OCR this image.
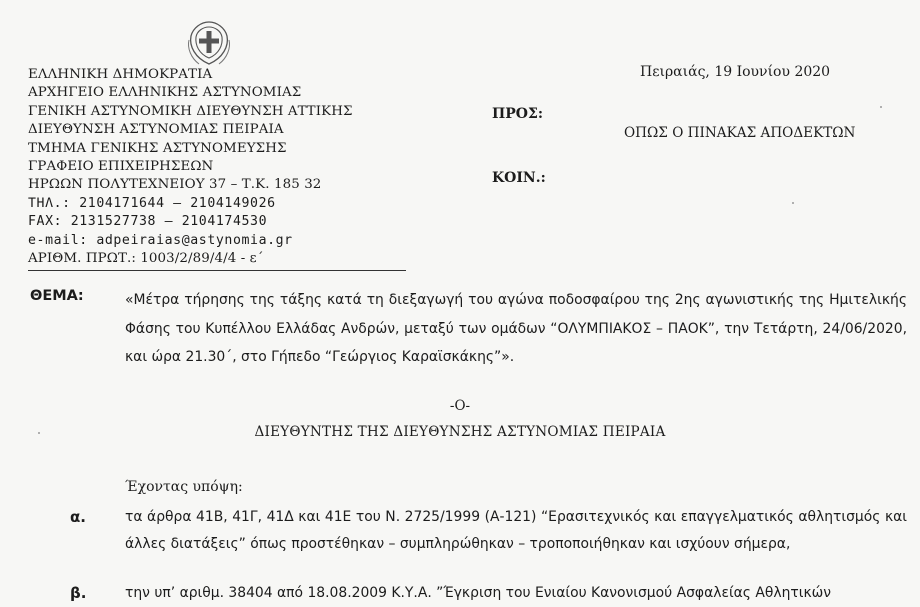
ΕΛΛΗΝΙΚΗ ΔΗΜΟΚΡΑΤΙΑ
ΑΡΧΗΓΕΙΟ ΕΛΛΗΝΙΚΗΣ ΑΣΤΥΝΟΜΙΑΣ
ΓΕΝΙΚΗ ΑΣΤΥΝΟΜΙΚΗ ΔΙΕΥΘΥΝΣΗ ΑΤΤΙΚΗΣ
ΔΙΕΥΘΥΝΣΗ ΑΣΤΥΝΟΜΙΑΣ ΠΕΙΡΑΙΑ
ΤΜΗΜΑ ΓΕΝΙΚΗΣ ΑΣΤΥΝΟΜΕΥΣΗΣ
ΓΡΑΦΕΙΟ ΕΠΙΧΕΙΡΗΣΕΩΝ
ΗΡΩΩΝ ΠΟΛΥΤΕΧΝΕΙΟΥ 37 – Τ.Κ. 185 32
ΤΗΛ.: 2104171644 – 2104149026
FAX: 2131527738 – 2104174530
e-mail: adpeiraias@astynomia.gr
ΑΡΙΘΜ. ΠΡΩΤ.: 1003/2/89/4/4 - ε΄
Πειραιάς, 19 Ιουνίου 2020
ΠΡΟΣ:
ΟΠΩΣ Ο ΠΙΝΑΚΑΣ ΑΠΟΔΕΚΤΩΝ
ΚΟΙΝ.:
ΘΕΜΑ:	«Μέτρα τήρησης της τάξης κατά τη διεξαγωγή του αγώνα ποδοσφαίρου της 2ης αγωνιστικής της Ημιτελικής Φάσης του Κυπέλλου Ελλάδας Ανδρών, μεταξύ των ομάδων “ΟΛΥΜΠΙΑΚΟΣ – ΠΑΟΚ”, την Τετάρτη, 24/06/2020, και ώρα 21.30΄, στο Γήπεδο “Γεώργιος Καραϊσκάκης”».
-Ο-
ΔΙΕΥΘΥΝΤΗΣ ΤΗΣ ΔΙΕΥΘΥΝΣΗΣ ΑΣΤΥΝΟΜΙΑΣ ΠΕΙΡΑΙΑ
Έχοντας υπόψη:
α.	τα άρθρα 41Β, 41Γ, 41Δ και 41Ε του Ν. 2725/1999 (Α-121) “Ερασιτεχνικός και επαγγελματικός αθλητισμός και άλλες διατάξεις” όπως προστέθηκαν – συμπληρώθηκαν – τροποποιήθηκαν και ισχύουν σήμερα,
β.	την υπ’ αριθμ. 38404 από 18.08.2009 Κ.Υ.Α. ”Έγκριση του Ενιαίου Κανονισμού Ασφαλείας Αθλητικών
